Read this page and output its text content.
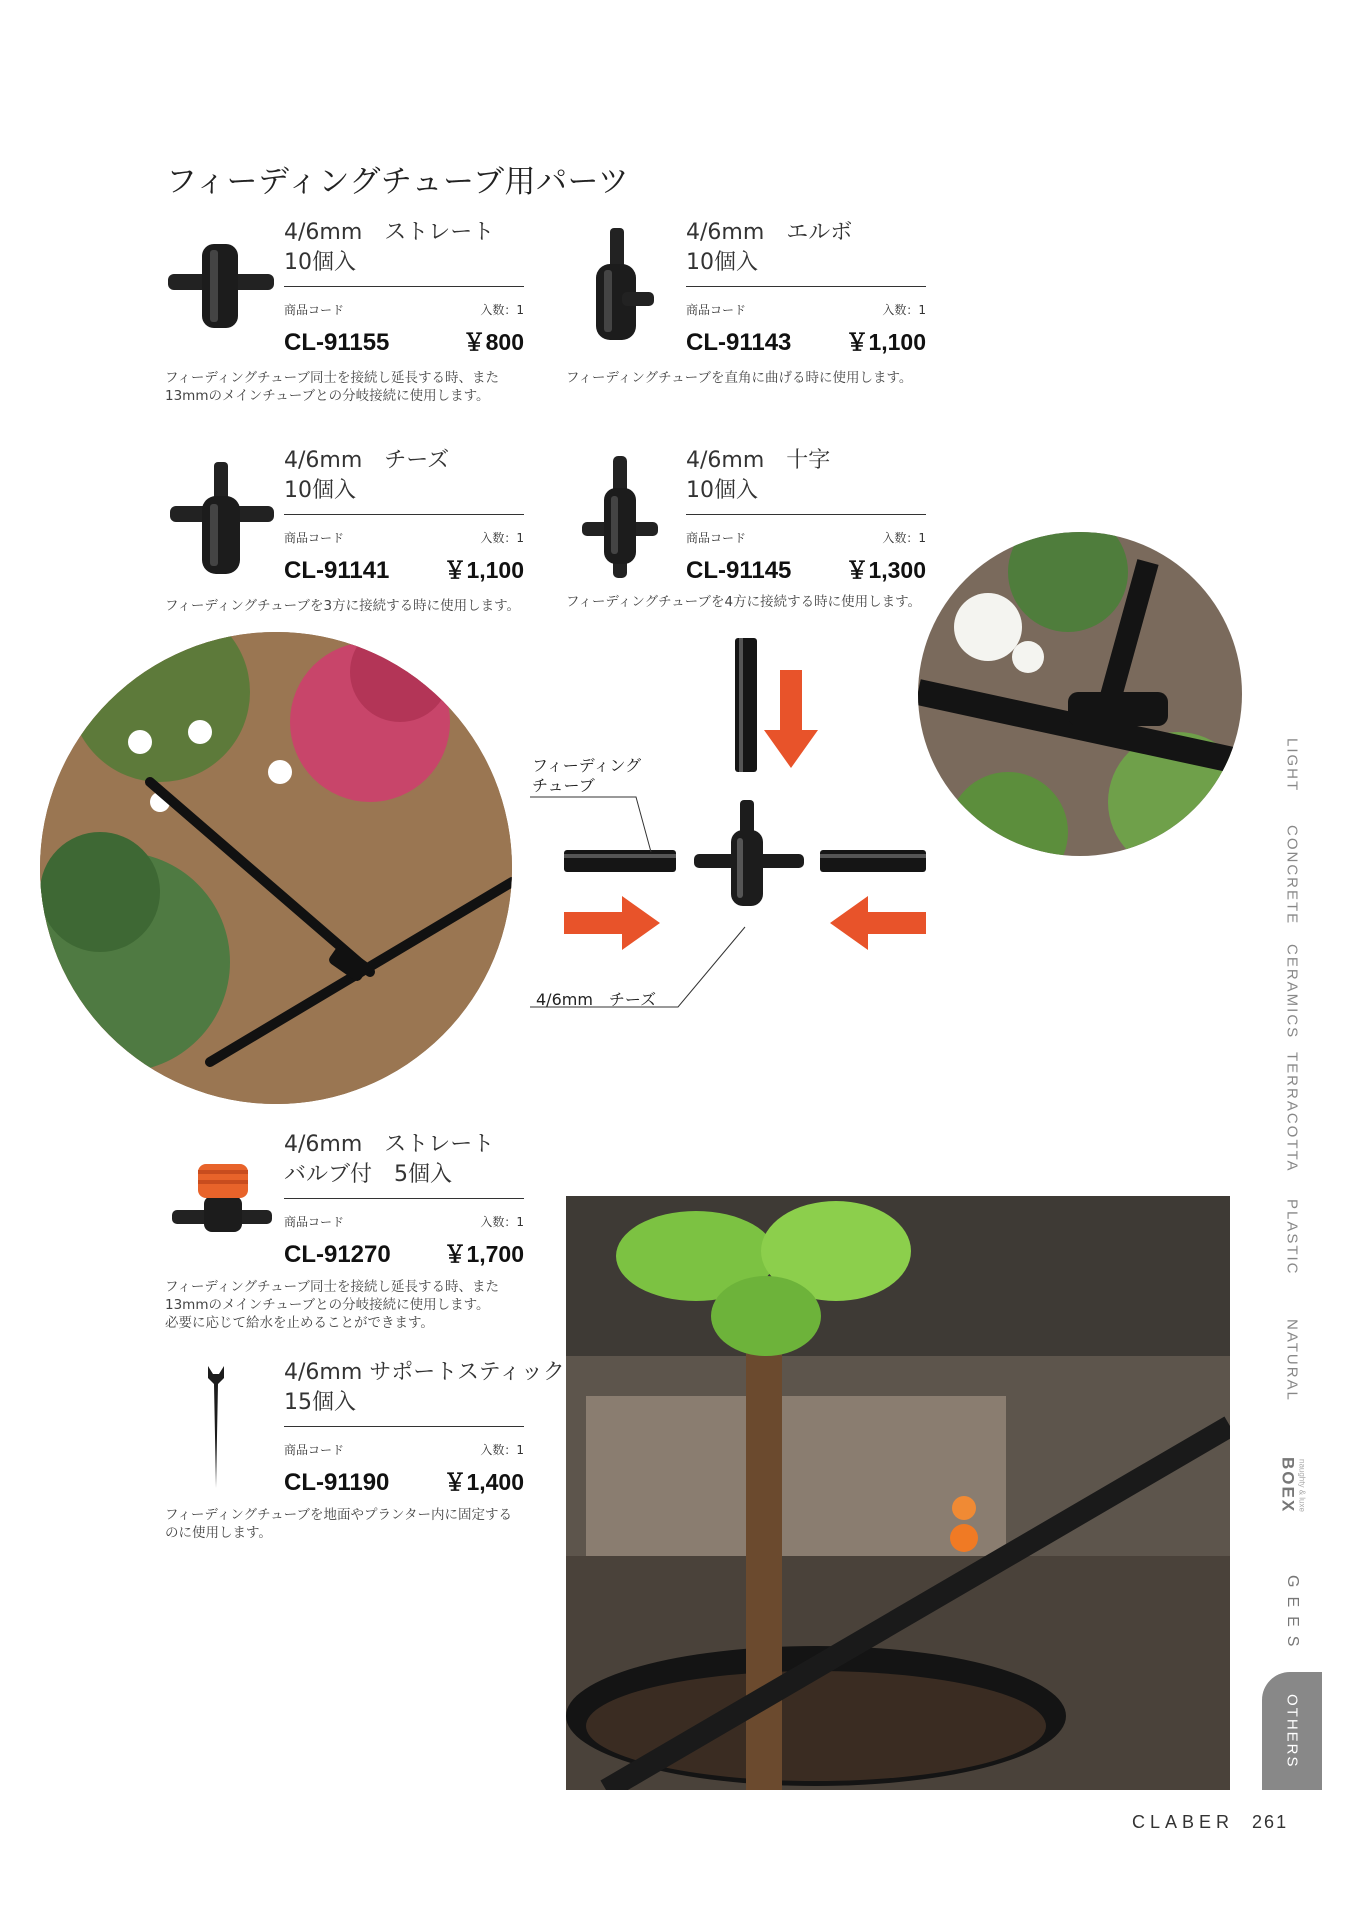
フィーディングチューブ用パーツ
4/6mm　ストレート
10個入
商品コード	入数：1
CL-91155	￥800
フィーディングチューブ同士を接続し延長する時、また
13mmのメインチューブとの分岐接続に使用します。
4/6mm　エルボ
10個入
商品コード	入数：1
CL-91143 ￥1,100
フィーディングチューブを直角に曲げる時に使用します。
4/6mm　チーズ
10個入
商品コード	入数：1
CL-91141 ￥1,100
フィーディングチューブを3方に接続する時に使用します。
4/6mm　十字
10個入
商品コード	入数：1
CL-91145 ￥1,300
フィーディングチューブを4方に接続する時に使用します。
4/6mm　ストレート
バルブ付　5個入
商品コード	入数：1
CL-91270 ￥1,700
フィーディングチューブ同士を接続し延長する時、また
13mmのメインチューブとの分岐接続に使用します。
必要に応じて給水を止めることができます。
4/6mm サポートスティック
15個入
商品コード	入数：1
CL-91190 ￥1,400
フィーディングチューブを地面やプランター内に固定する
のに使用します。
フィーディング
チューブ
4/6mm　チーズ
LIGHT
CONCRETE
CERAMICS
TERRACOTTA
PLASTIC
NATURAL
BOEX naughty & luxe
GEES
OTHERS
CLABER 261
